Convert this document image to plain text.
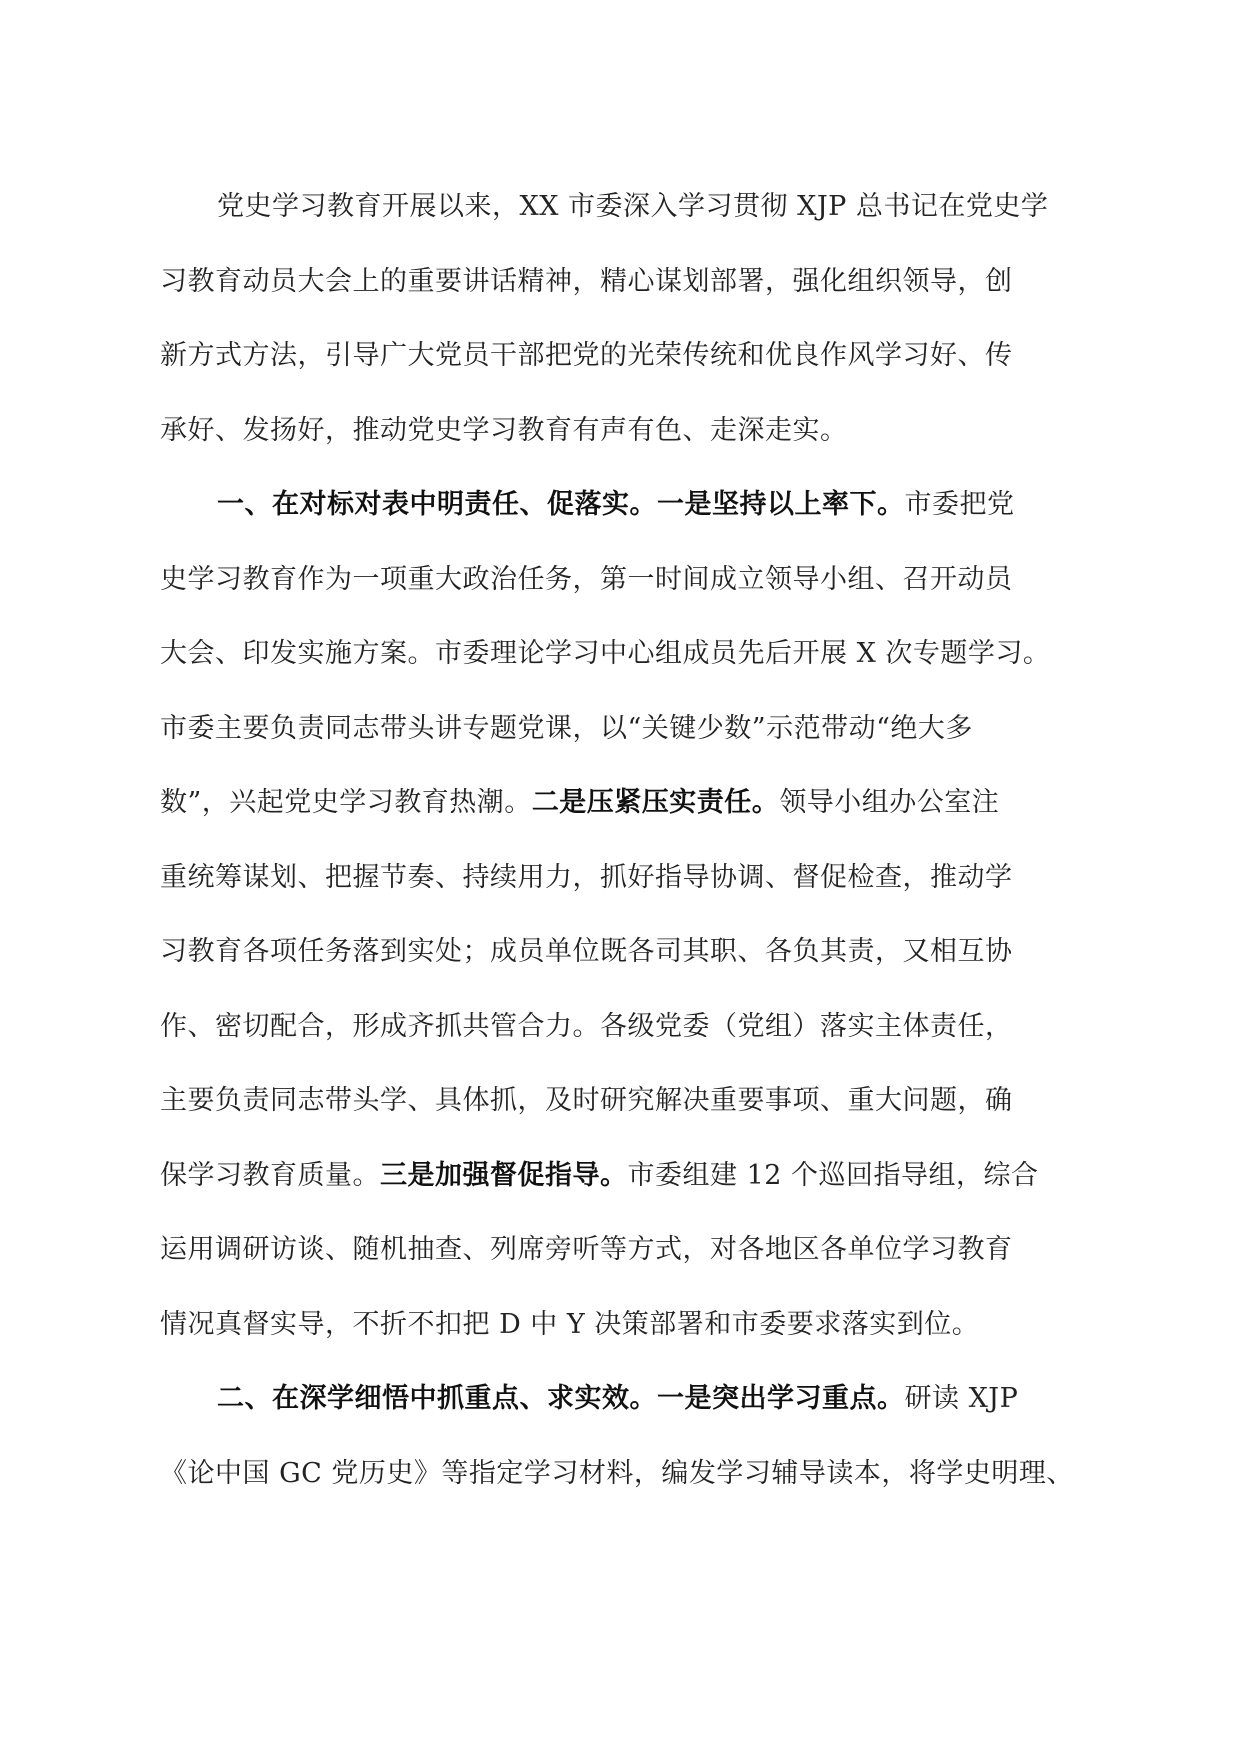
党史学习教育开展以来，XX 市委深入学习贯彻 XJP 总书记在党史学
习教育动员大会上的重要讲话精神，精心谋划部署，强化组织领导，创
新方式方法，引导广大党员干部把党的光荣传统和优良作风学习好、传
承好、发扬好，推动党史学习教育有声有色、走深走实。
一、在对标对表中明责任、促落实。一是坚持以上率下。市委把党
史学习教育作为一项重大政治任务，第一时间成立领导小组、召开动员
大会、印发实施方案。市委理论学习中心组成员先后开展 X 次专题学习。
市委主要负责同志带头讲专题党课，以“关键少数”示范带动“绝大多
数”，兴起党史学习教育热潮。二是压紧压实责任。领导小组办公室注
重统筹谋划、把握节奏、持续用力，抓好指导协调、督促检查，推动学
习教育各项任务落到实处；成员单位既各司其职、各负其责，又相互协
作、密切配合，形成齐抓共管合力。各级党委（党组）落实主体责任，
主要负责同志带头学、具体抓，及时研究解决重要事项、重大问题，确
保学习教育质量。三是加强督促指导。市委组建 12 个巡回指导组，综合
运用调研访谈、随机抽查、列席旁听等方式，对各地区各单位学习教育
情况真督实导，不折不扣把 D 中 Y 决策部署和市委要求落实到位。
二、在深学细悟中抓重点、求实效。一是突出学习重点。研读 XJP
《论中国 GC 党历史》等指定学习材料，编发学习辅导读本，将学史明理、
